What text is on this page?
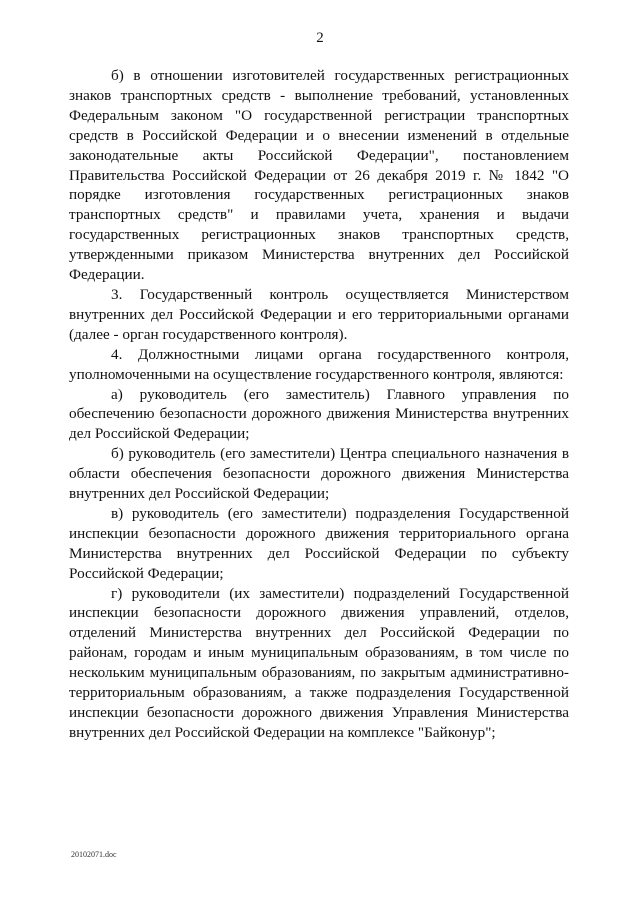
2

б) в отношении изготовителей государственных регистрационных знаков транспортных средств - выполнение требований, установленных Федеральным законом "О государственной регистрации транспортных средств в Российской Федерации и о внесении изменений в отдельные законодательные акты Российской Федерации", постановлением Правительства Российской Федерации от 26 декабря 2019 г. № 1842 "О порядке изготовления государственных регистрационных знаков транспортных средств" и правилами учета, хранения и выдачи государственных регистрационных знаков транспортных средств, утвержденными приказом Министерства внутренних дел Российской Федерации.

3. Государственный контроль осуществляется Министерством внутренних дел Российской Федерации и его территориальными органами (далее - орган государственного контроля).

4. Должностными лицами органа государственного контроля, уполномоченными на осуществление государственного контроля, являются:

а) руководитель (его заместитель) Главного управления по обеспечению безопасности дорожного движения Министерства внутренних дел Российской Федерации;

б) руководитель (его заместители) Центра специального назначения в области обеспечения безопасности дорожного движения Министерства внутренних дел Российской Федерации;

в) руководитель (его заместители) подразделения Государственной инспекции безопасности дорожного движения территориального органа Министерства внутренних дел Российской Федерации по субъекту Российской Федерации;

г) руководители (их заместители) подразделений Государственной инспекции безопасности дорожного движения управлений, отделов, отделений Министерства внутренних дел Российской Федерации по районам, городам и иным муниципальным образованиям, в том числе по нескольким муниципальным образованиям, по закрытым административно-территориальным образованиям, а также подразделения Государственной инспекции безопасности дорожного движения Управления Министерства внутренних дел Российской Федерации на комплексе "Байконур";

20102071.doc
